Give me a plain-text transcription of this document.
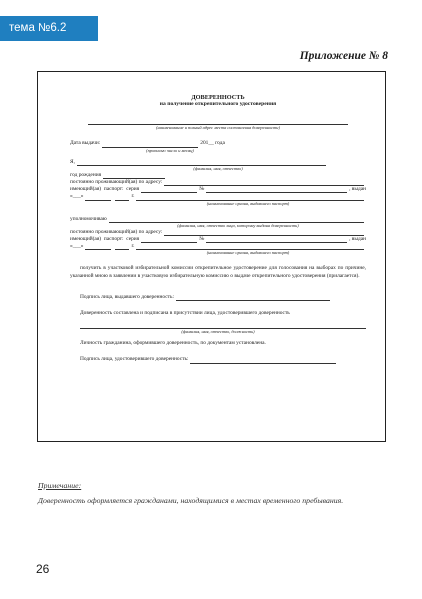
тема №6.2
Приложение № 8
ДОВЕРЕННОСТЬ
на получение открепительного удостоверения
(наименование и полный адрес места составления доверенности)
Дата выдачи:	201__ года
(прописью число и месяц)
Я,
(фамилия, имя, отчество)
год рождения
постоянно проживающий(ая) по адресу:
имеющий(ая)
паспорт:
серия	№	, выдан
«___»	г.
(наименование органа, выдавшего паспорт)
уполномочиваю
(фамилия, имя, отчество лица, которому выдана доверенность)
постоянно проживающий(ая) по адресу:
имеющий(ая)
паспорт:
серия	№	, выдан
«___»	г.
(наименование органа, выдавшего паспорт)
получить в участковой избирательной комиссии открепительное удостоверение для голосования на выборах по причине, указанной мною в заявлении в участковую избирательную комиссию о выдаче открепительного удостоверения (прилагается).
Подпись лица, выдавшего доверенность:
Доверенность составлена и подписана в присутствии лица, удостоверившего доверенность
(фамилия, имя, отчество, должность)
Личность гражданина, оформившего доверенность, по документам установлена.
Подпись лица, удостоверившего доверенность:
Примечание:
Доверенность оформляется гражданами, находящимися в местах временного пребывания.
26
